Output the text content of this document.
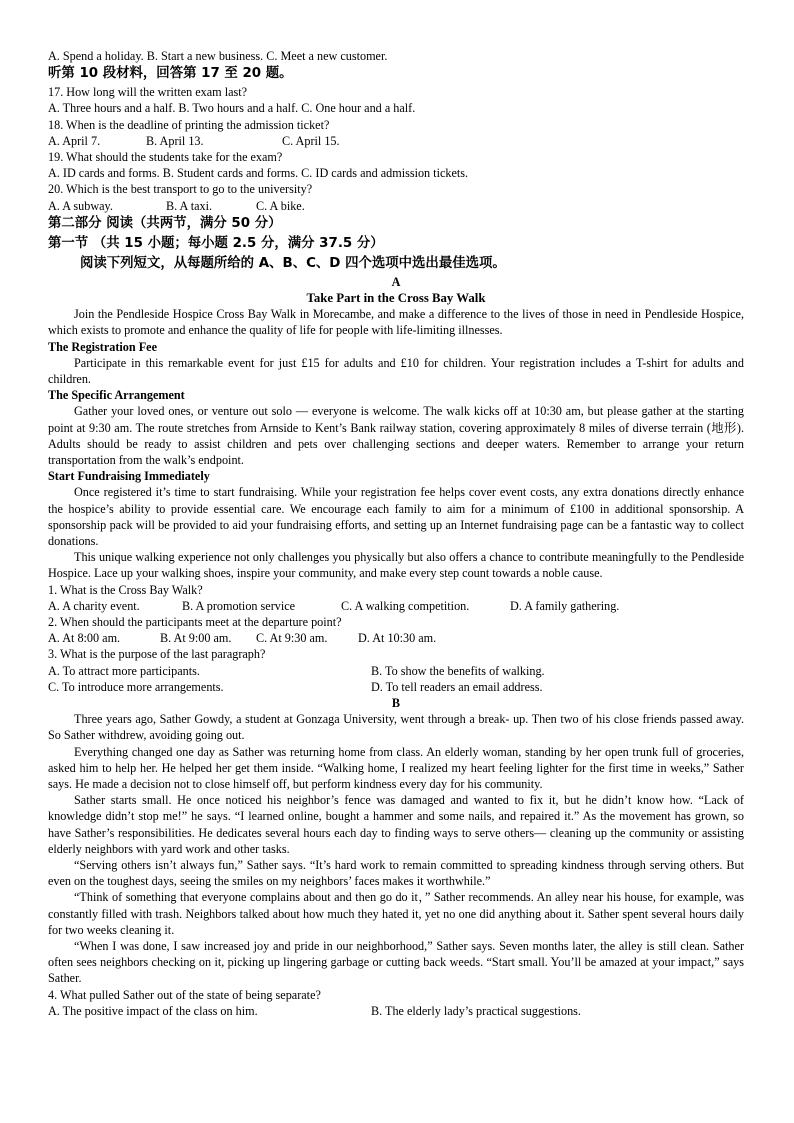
A. Spend a holiday. B. Start a new business. C. Meet a new customer.
听第 10 段材料，回答第 17 至 20 题。
17. How long will the written exam last?
A. Three hours and a half. B. Two hours and a half. C. One hour and a half.
18. When is the deadline of printing the admission ticket?
A. April 7.	B. April 13.	C. April 15.
19. What should the students take for the exam?
A. ID cards and forms. B. Student cards and forms. C. ID cards and admission tickets.
20. Which is the best transport to go to the university?
A. A subway.	B. A taxi.	C. A bike.
第二部分 阅读（共两节，满分 50 分）
第一节 （共 15 小题；每小题 2.5 分，满分 37.5 分）
阅读下列短文，从每题所给的 A、B、C、D 四个选项中选出最佳选项。
A
Take Part in the Cross Bay Walk

Join the Pendleside Hospice Cross Bay Walk in Morecambe, and make a difference to the lives of those in need in Pendleside Hospice, which exists to promote and enhance the quality of life for people with life-limiting illnesses.

The Registration Fee

Participate in this remarkable event for just £15 for adults and £10 for children. Your registration includes a T-shirt for adults and children.

The Specific Arrangement

Gather your loved ones, or venture out solo — everyone is welcome. The walk kicks off at 10:30 am, but please gather at the starting point at 9:30 am. The route stretches from Arnside to Kent’s Bank railway station, covering approximately 8 miles of diverse terrain (地形). Adults should be ready to assist children and pets over challenging sections and deeper waters. Remember to arrange your return transportation from the walk’s endpoint.

Start Fundraising Immediately

Once registered it’s time to start fundraising. While your registration fee helps cover event costs, any extra donations directly enhance the hospice’s ability to provide essential care. We encourage each family to aim for a minimum of £100 in additional sponsorship. A sponsorship pack will be provided to aid your fundraising efforts, and setting up an Internet fundraising page can be a fantastic way to collect donations.

This unique walking experience not only challenges you physically but also offers a chance to contribute meaningfully to the Pendleside Hospice. Lace up your walking shoes, inspire your community, and make every step count towards a noble cause.

1. What is the Cross Bay Walk?
A. A charity event.	B. A promotion service	C. A walking competition.	D. A family gathering.
2. When should the participants meet at the departure point?
A. At 8:00 am.	B. At 9:00 am. C. At 9:30 am.	D. At 10:30 am.
3. What is the purpose of the last paragraph?
A. To attract more participants.	B. To show the benefits of walking.
C. To introduce more arrangements.	D. To tell readers an email address.
B

Three years ago, Sather Gowdy, a student at Gonzaga University, went through a break- up. Then two of his close friends passed away. So Sather withdrew, avoiding going out.

Everything changed one day as Sather was returning home from class. An elderly woman, standing by her open trunk full of groceries, asked him to help her. He helped her get them inside. “Walking home, I realized my heart feeling lighter for the first time in weeks,” Sather says. He made a decision not to close himself off, but perform kindness every day for his community.

Sather starts small. He once noticed his neighbor’s fence was damaged and wanted to fix it, but he didn’t know how. “Lack of knowledge didn’t stop me!” he says. “I learned online, bought a hammer and some nails, and repaired it.” As the movement has grown, so have Sather’s responsibilities. He dedicates several hours each day to finding ways to serve others— cleaning up the community or assisting elderly neighbors with yard work and other tasks.

“Serving others isn’t always fun,” Sather says. “It’s hard work to remain committed to spreading kindness through serving others. But even on the toughest days, seeing the smiles on my neighbors’ faces makes it worthwhile.”

“Think of something that everyone complains about and then go do it，” Sather recommends. An alley near his house, for example, was constantly filled with trash. Neighbors talked about how much they hated it, yet no one did anything about it. Sather spent several hours daily for two weeks cleaning it.

“When I was done, I saw increased joy and pride in our neighborhood,” Sather says. Seven months later, the alley is still clean. Sather often sees neighbors checking on it, picking up lingering garbage or cutting back weeds. “Start small. You’ll be amazed at your impact,” says Sather.

4. What pulled Sather out of the state of being separate?
A. The positive impact of the class on him.	B. The elderly lady’s practical suggestions.
